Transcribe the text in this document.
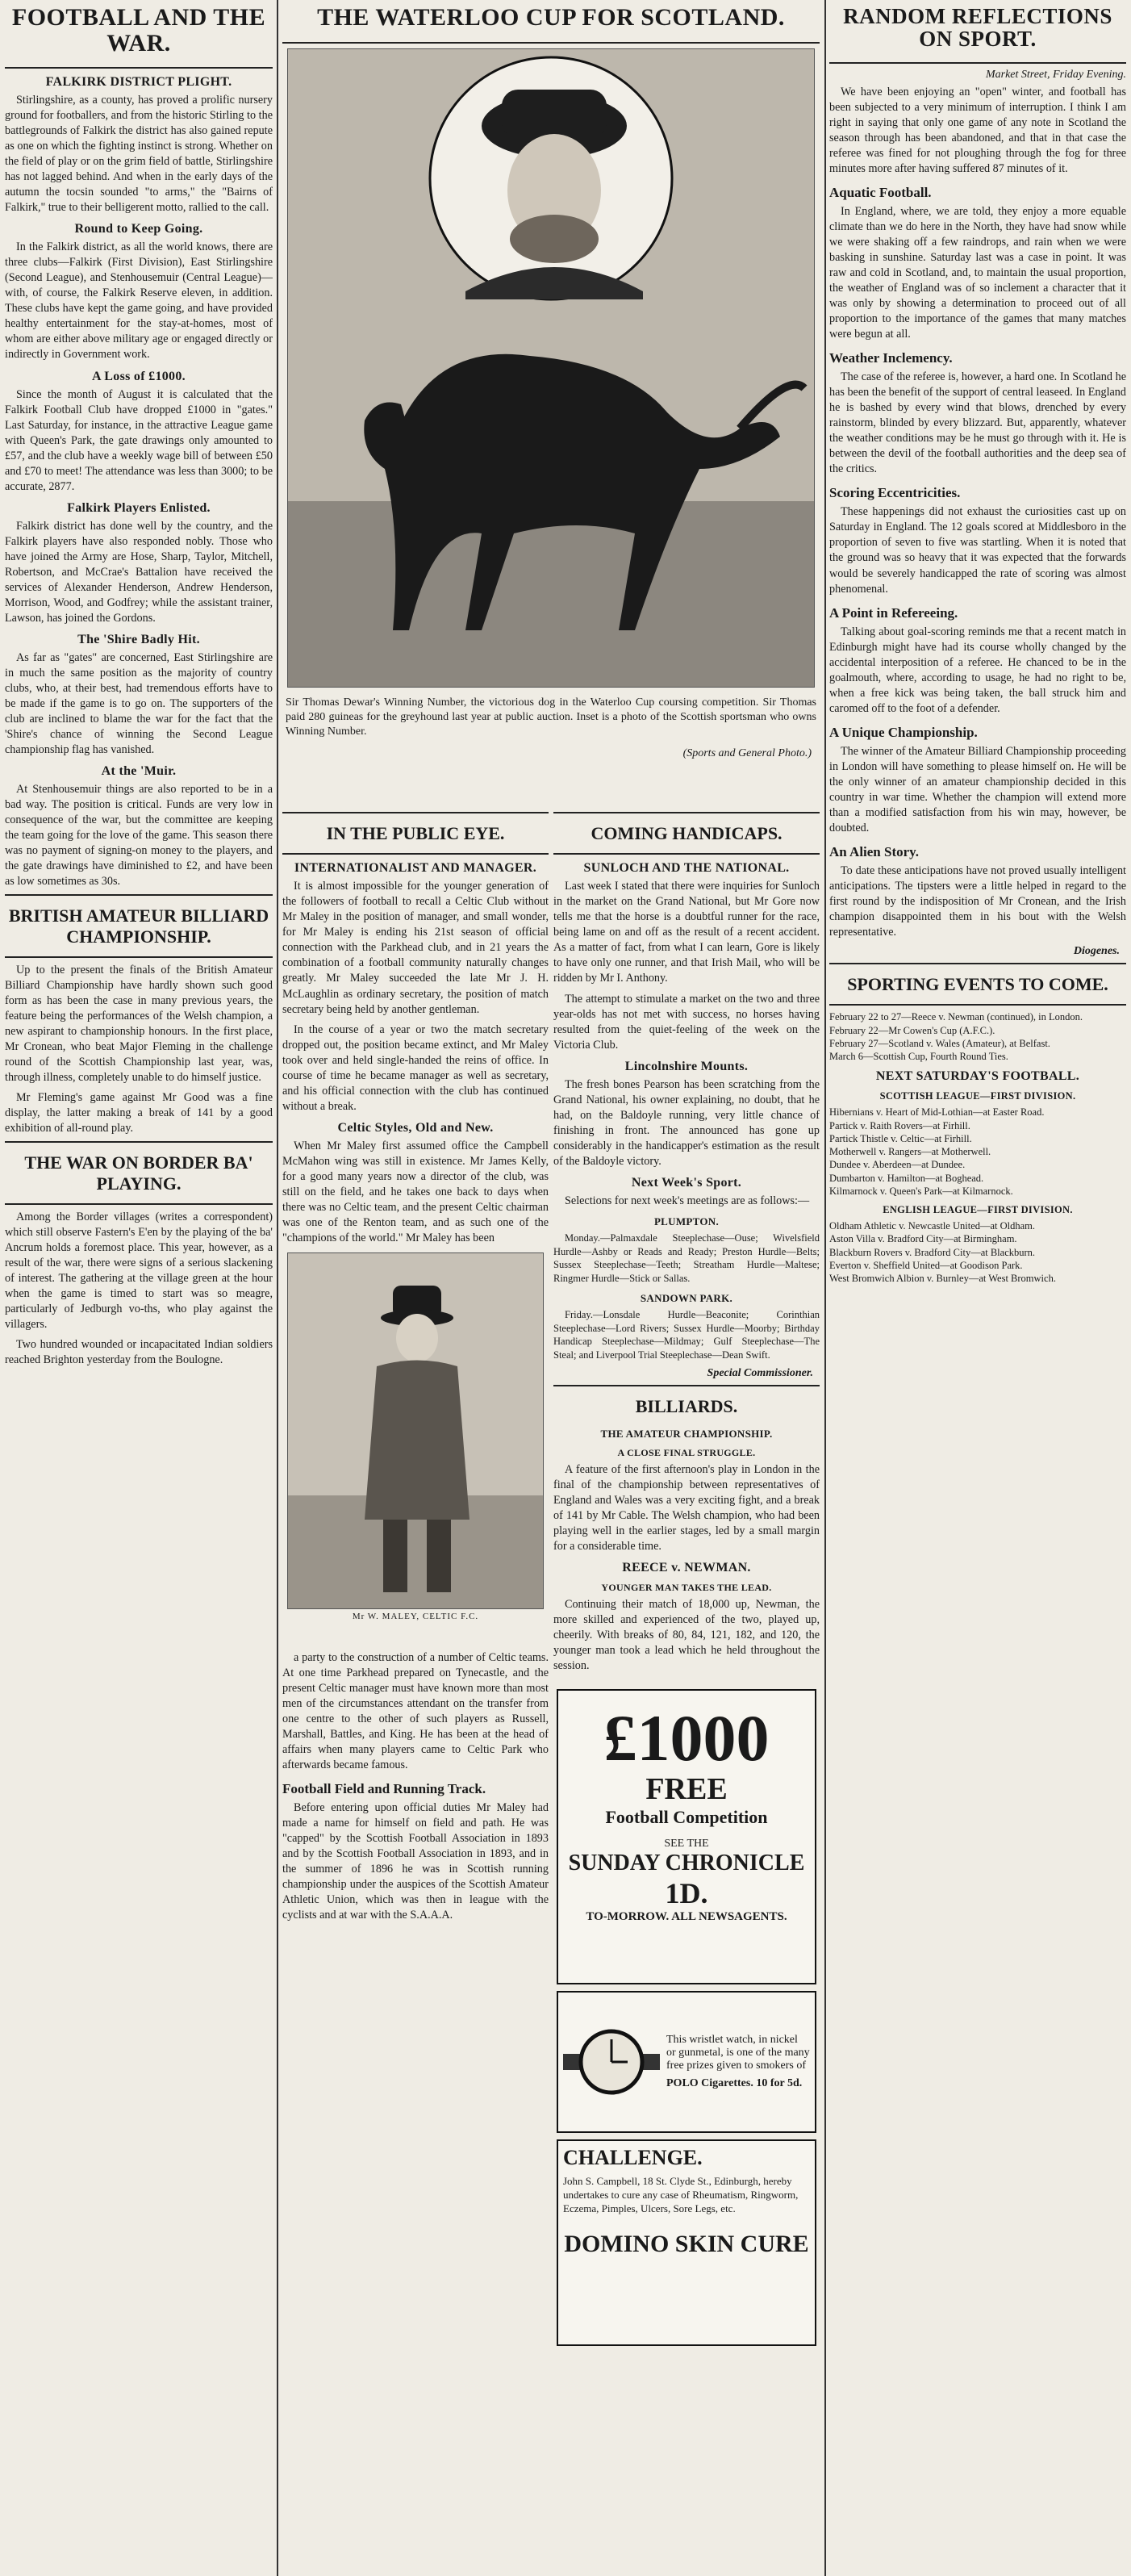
FOOTBALL AND THE WAR.
FALKIRK DISTRICT PLIGHT.

Stirlingshire, as a county, has proved a prolific nursery ground for footballers, and from the historic Stirling to the battlegrounds of Falkirk the district has also gained repute as one on which the fighting instinct is strong. Whether on the field of play or on the grim field of battle, Stirlingshire has not lagged behind. And when in the early days of the autumn the tocsin sounded "to arms," the "Bairns of Falkirk," true to their belligerent motto, rallied to the call.

Round to Keep Going.

In the Falkirk district, as all the world knows, there are three clubs—Falkirk (First Division), East Stirlingshire (Second League), and Stenhousemuir (Central League)—with, of course, the Falkirk Reserve eleven, in addition. These clubs have kept the game going, and have provided healthy entertainment for the stay-at-homes, most of whom are either above military age or engaged directly or indirectly in Government work.

A Loss of £1000.

Since the month of August it is calculated that the Falkirk Football Club have dropped £1000 in "gates." Last Saturday, for instance, in the attractive League game with Queen's Park, the gate drawings only amounted to £57, and the club have a weekly wage bill of between £50 and £70 to meet! The attendance was less than 3000; to be accurate, 2877.

Falkirk Players Enlisted.

Falkirk district has done well by the country, and the Falkirk players have also responded nobly. Those who have joined the Army are Hose, Sharp, Taylor, Mitchell, Robertson, and McCrae's Battalion have received the services of Alexander Henderson, Andrew Henderson, Morrison, Wood, and Godfrey; while the assistant trainer, Lawson, has joined the Gordons.

The 'Shire Badly Hit.

As far as "gates" are concerned, East Stirlingshire are in much the same position as the majority of country clubs, who, at their best, had tremendous efforts have to be made if the game is to go on. The supporters of the club are inclined to blame the war for the fact that the 'Shire's chance of winning the Second League championship flag has vanished.

At the 'Muir.

At Stenhousemuir things are also reported to be in a bad way. The position is critical. Funds are very low in consequence of the war, but the committee are keeping the team going for the love of the game. This season there was no payment of signing-on money to the players, and the gate drawings have diminished to £2, and have been as low sometimes as 30s.

BRITISH AMATEUR BILLIARD CHAMPIONSHIP.

Up to the present the finals of the British Amateur Billiard Championship have hardly shown such good form as has been the case in many previous years, the feature being the performances of the Welsh champion, a new aspirant to championship honours. In the first place, Mr Cronean, who beat Major Fleming in the challenge round of the Scottish Championship last year, was, through illness, completely unable to do himself justice.

Mr Fleming's game against Mr Good was a fine display, the latter making a break of 141 by a good exhibition of all-round play.

THE WAR ON BORDER BA' PLAYING.

Among the Border villages (writes a correspondent) which still observe Fastern's E'en by the playing of the ba' Ancrum holds a foremost place. This year, however, as a result of the war, there were signs of a serious slackening of interest. The gathering at the village green at the hour when the game is timed to start was so meagre, particularly of Jedburgh vo-ths, who play against the villagers.

Two hundred wounded or incapacitated Indian soldiers reached Brighton yesterday from the Boulogne.

THE WATERLOO CUP FOR SCOTLAND.
Sir Thomas Dewar's Winning Number, the victorious dog in the Waterloo Cup coursing competition. Sir Thomas paid 280 guineas for the greyhound last year at public auction. Inset is a photo of the Scottish sportsman who owns Winning Number.
(Sports and General Photo.)
IN THE PUBLIC EYE.
INTERNATIONALIST AND MANAGER.

It is almost impossible for the younger generation of the followers of football to recall a Celtic Club without Mr Maley in the position of manager, and small wonder, for Mr Maley is ending his 21st season of official connection with the Parkhead club, and in 21 years the combination of a football community naturally changes greatly. Mr Maley succeeded the late Mr J. H. McLaughlin as ordinary secretary, the position of match secretary being held by another gentleman.

In the course of a year or two the match secretary dropped out, the position became extinct, and Mr Maley took over and held single-handed the reins of office. In course of time he became manager as well as secretary, and his official connection with the club has continued without a break.

Celtic Styles, Old and New.

When Mr Maley first assumed office the Campbell McMahon wing was still in existence. Mr James Kelly, for a good many years now a director of the club, was still on the field, and he takes one back to days when there was no Celtic team, and the present Celtic chairman was one of the Renton team, and as such one of the "champions of the world." Mr Maley has been

Mr W. MALEY, CELTIC F.C.
COMING HANDICAPS.
SUNLOCH AND THE NATIONAL.

Last week I stated that there were inquiries for Sunloch in the market on the Grand National, but Mr Gore now tells me that the horse is a doubtful runner for the race, being lame on and off as the result of a recent accident. As a matter of fact, from what I can learn, Gore is likely to have only one runner, and that Irish Mail, who will be ridden by Mr I. Anthony.

The attempt to stimulate a market on the two and three year-olds has not met with success, no horses having resulted from the quiet-feeling of the week on the Victoria Club.

Lincolnshire Mounts.

The fresh bones Pearson has been scratching from the Grand National, his owner explaining, no doubt, that he had, on the Baldoyle running, very little chance of finishing in front. The announced has gone up considerably in the handicapper's estimation as the result of the Baldoyle victory.

Next Week's Sport.

Selections for next week's meetings are as follows:—

PLUMPTON.

Monday.—Palmaxdale Steeplechase—Ouse; Wivelsfield Hurdle—Ashby or Reads and Ready; Preston Hurdle—Belts; Sussex Steeplechase—Teeth; Streatham Hurdle—Maltese; Ringmer Hurdle—Stick or Sallas.

SANDOWN PARK.

Friday.—Lonsdale Hurdle—Beaconite; Corinthian Steeplechase—Lord Rivers; Sussex Hurdle—Moorby; Birthday Handicap Steeplechase—Mildmay; Gulf Steeplechase—The Steal; and Liverpool Trial Steeplechase—Dean Swift.

Special Commissioner.
BILLIARDS.
THE AMATEUR CHAMPIONSHIP.
A CLOSE FINAL STRUGGLE.

A feature of the first afternoon's play in London in the final of the championship between representatives of England and Wales was a very exciting fight, and a break of 141 by Mr Cable. The Welsh champion, who had been playing well in the earlier stages, led by a small margin for a considerable time.

REECE v. NEWMAN.
YOUNGER MAN TAKES THE LEAD.

Continuing their match of 18,000 up, Newman, the more skilled and experienced of the two, played up, cheerily. With breaks of 80, 84, 121, 182, and 120, the younger man took a lead which he held throughout the session.

a party to the construction of a number of Celtic teams. At one time Parkhead prepared on Tynecastle, and the present Celtic manager must have known more than most men of the circumstances attendant on the transfer from one centre to the other of such players as Russell, Marshall, Battles, and King. He has been at the head of affairs when many players came to Celtic Park who afterwards became famous.

Football Field and Running Track.

Before entering upon official duties Mr Maley had made a name for himself on field and path. He was "capped" by the Scottish Football Association in 1893 and by the Scottish Football Association in 1893, and in the summer of 1896 he was in Scottish running championship under the auspices of the Scottish Amateur Athletic Union, which was then in league with the cyclists and at war with the S.A.A.A.

£1000
FREE
Football Competition
SEE THE
SUNDAY CHRONICLE
1D.
TO-MORROW. ALL NEWSAGENTS.
This wristlet watch, in nickel or gunmetal, is one of the many free prizes given to smokers of
POLO Cigarettes. 10 for 5d.
CHALLENGE.
John S. Campbell, 18 St. Clyde St., Edinburgh, hereby undertakes to cure any case of Rheumatism, Ringworm, Eczema, Pimples, Ulcers, Sore Legs, etc.
DOMINO SKIN CURE
RANDOM REFLECTIONS ON SPORT.
Market Street, Friday Evening.

We have been enjoying an "open" winter, and football has been subjected to a very minimum of interruption. I think I am right in saying that only one game of any note in Scotland the season through has been abandoned, and that in that case the referee was fined for not ploughing through the fog for three minutes more after having suffered 87 minutes of it.

Aquatic Football.

In England, where, we are told, they enjoy a more equable climate than we do here in the North, they have had snow while we were shaking off a few raindrops, and rain when we were basking in sunshine. Saturday last was a case in point. It was raw and cold in Scotland, and, to maintain the usual proportion, the weather of England was of so inclement a character that it was only by showing a determination to proceed out of all proportion to the importance of the games that many matches were begun at all.

Weather Inclemency.

The case of the referee is, however, a hard one. In Scotland he has been the benefit of the support of central leaseed. In England he is bashed by every wind that blows, drenched by every rainstorm, blinded by every blizzard. But, apparently, whatever the weather conditions may be he must go through with it. He is between the devil of the football authorities and the deep sea of the critics.

Scoring Eccentricities.

These happenings did not exhaust the curiosities cast up on Saturday in England. The 12 goals scored at Middlesboro in the proportion of seven to five was startling. When it is noted that the ground was so heavy that it was expected that the forwards would be severely handicapped the rate of scoring was almost phenomenal.

A Point in Refereeing.

Talking about goal-scoring reminds me that a recent match in Edinburgh might have had its course wholly changed by the accidental interposition of a referee. He chanced to be in the goalmouth, where, according to usage, he had no right to be, when a free kick was being taken, the ball struck him and caromed off to the foot of a defender.

A Unique Championship.

The winner of the Amateur Billiard Championship proceeding in London will have something to please himself on. He will be the only winner of an amateur championship decided in this country in war time. Whether the champion will extend more than a modified satisfaction from his win may, however, be doubted.

An Alien Story.

To date these anticipations have not proved usually intelligent anticipations. The tipsters were a little helped in regard to the first round by the indisposition of Mr Cronean, and the Irish champion disappointed them in his bout with the Welsh representative.

Diogenes.
SPORTING EVENTS TO COME.
February 22 to 27—Reece v. Newman (continued), in London.
February 22—Mr Cowen's Cup (A.F.C.).
February 27—Scotland v. Wales (Amateur), at Belfast.
March 6—Scottish Cup, Fourth Round Ties.
NEXT SATURDAY'S FOOTBALL.
SCOTTISH LEAGUE—FIRST DIVISION.
Hibernians v. Heart of Mid-Lothian—at Easter Road.
Partick v. Raith Rovers—at Firhill.
Partick Thistle v. Celtic—at Firhill.
Motherwell v. Rangers—at Motherwell.
Dundee v. Aberdeen—at Dundee.
Dumbarton v. Hamilton—at Boghead.
Kilmarnock v. Queen's Park—at Kilmarnock.
ENGLISH LEAGUE—FIRST DIVISION.
Oldham Athletic v. Newcastle United—at Oldham.
Aston Villa v. Bradford City—at Birmingham.
Blackburn Rovers v. Bradford City—at Blackburn.
Everton v. Sheffield United—at Goodison Park.
West Bromwich Albion v. Burnley—at West Bromwich.
